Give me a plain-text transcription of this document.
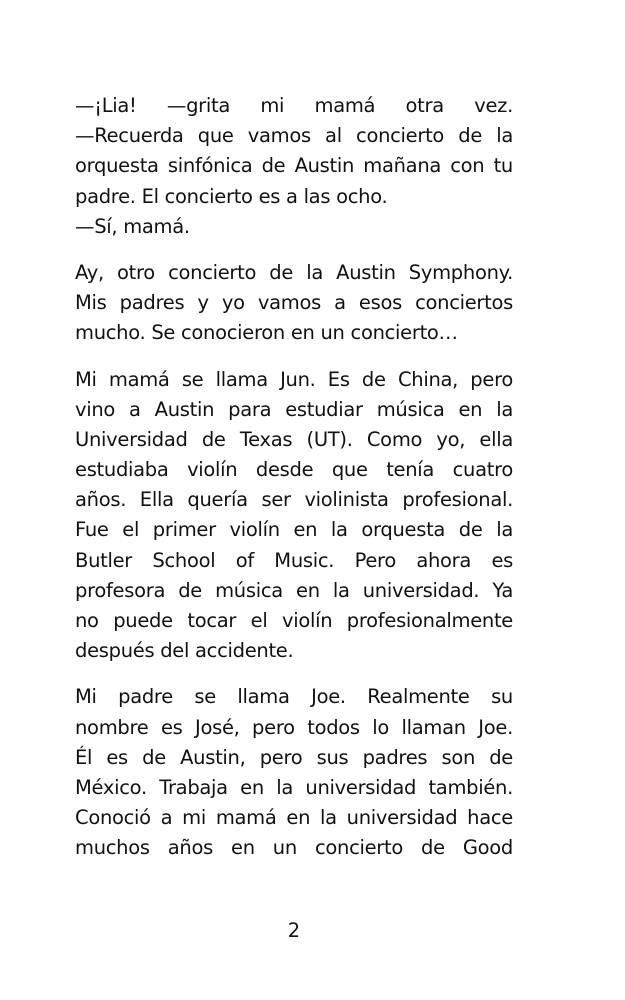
—¡Lia! —grita mi mamá otra vez.
—Recuerda que vamos al concierto de la
orquesta sinfónica de Austin mañana con tu
padre. El concierto es a las ocho.
—Sí, mamá.
Ay, otro concierto de la Austin Symphony.
Mis padres y yo vamos a esos conciertos
mucho. Se conocieron en un concierto…
Mi mamá se llama Jun. Es de China, pero
vino a Austin para estudiar música en la
Universidad de Texas (UT). Como yo, ella
estudiaba violín desde que tenía cuatro
años. Ella quería ser violinista profesional.
Fue el primer violín en la orquesta de la
Butler School of Music. Pero ahora es
profesora de música en la universidad. Ya
no puede tocar el violín profesionalmente
después del accidente.
Mi padre se llama Joe. Realmente su
nombre es José, pero todos lo llaman Joe.
Él es de Austin, pero sus padres son de
México. Trabaja en la universidad también.
Conoció a mi mamá en la universidad hace
muchos años en un concierto de Good
2
